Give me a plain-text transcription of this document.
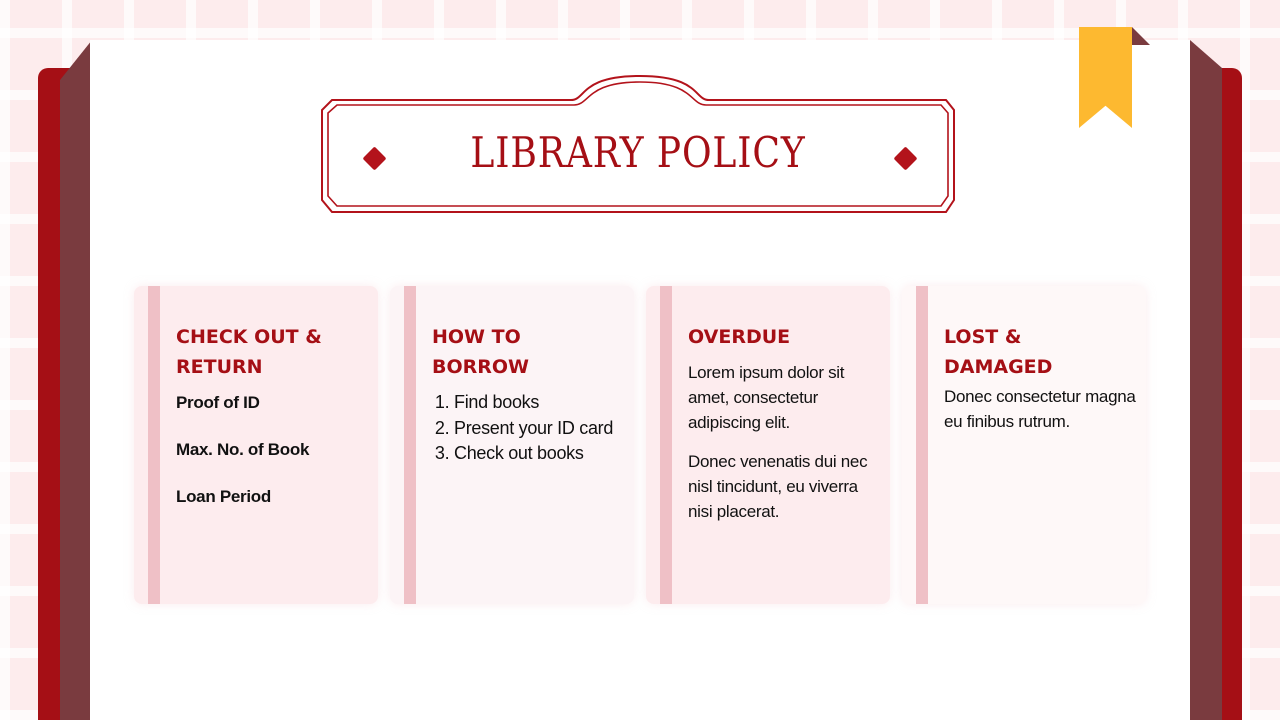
LIBRARY POLICY
CHECK OUT & RETURN

Proof of ID

Max. No. of Book

Loan Period

HOW TO BORROW
1. Find books
2. Present your ID card
3. Check out books
OVERDUE

Lorem ipsum dolor sit amet, consectetur adipiscing elit.

Donec venenatis dui nec nisl tincidunt, eu viverra nisi placerat.

LOST & DAMAGED

Donec consectetur magna eu finibus rutrum.
